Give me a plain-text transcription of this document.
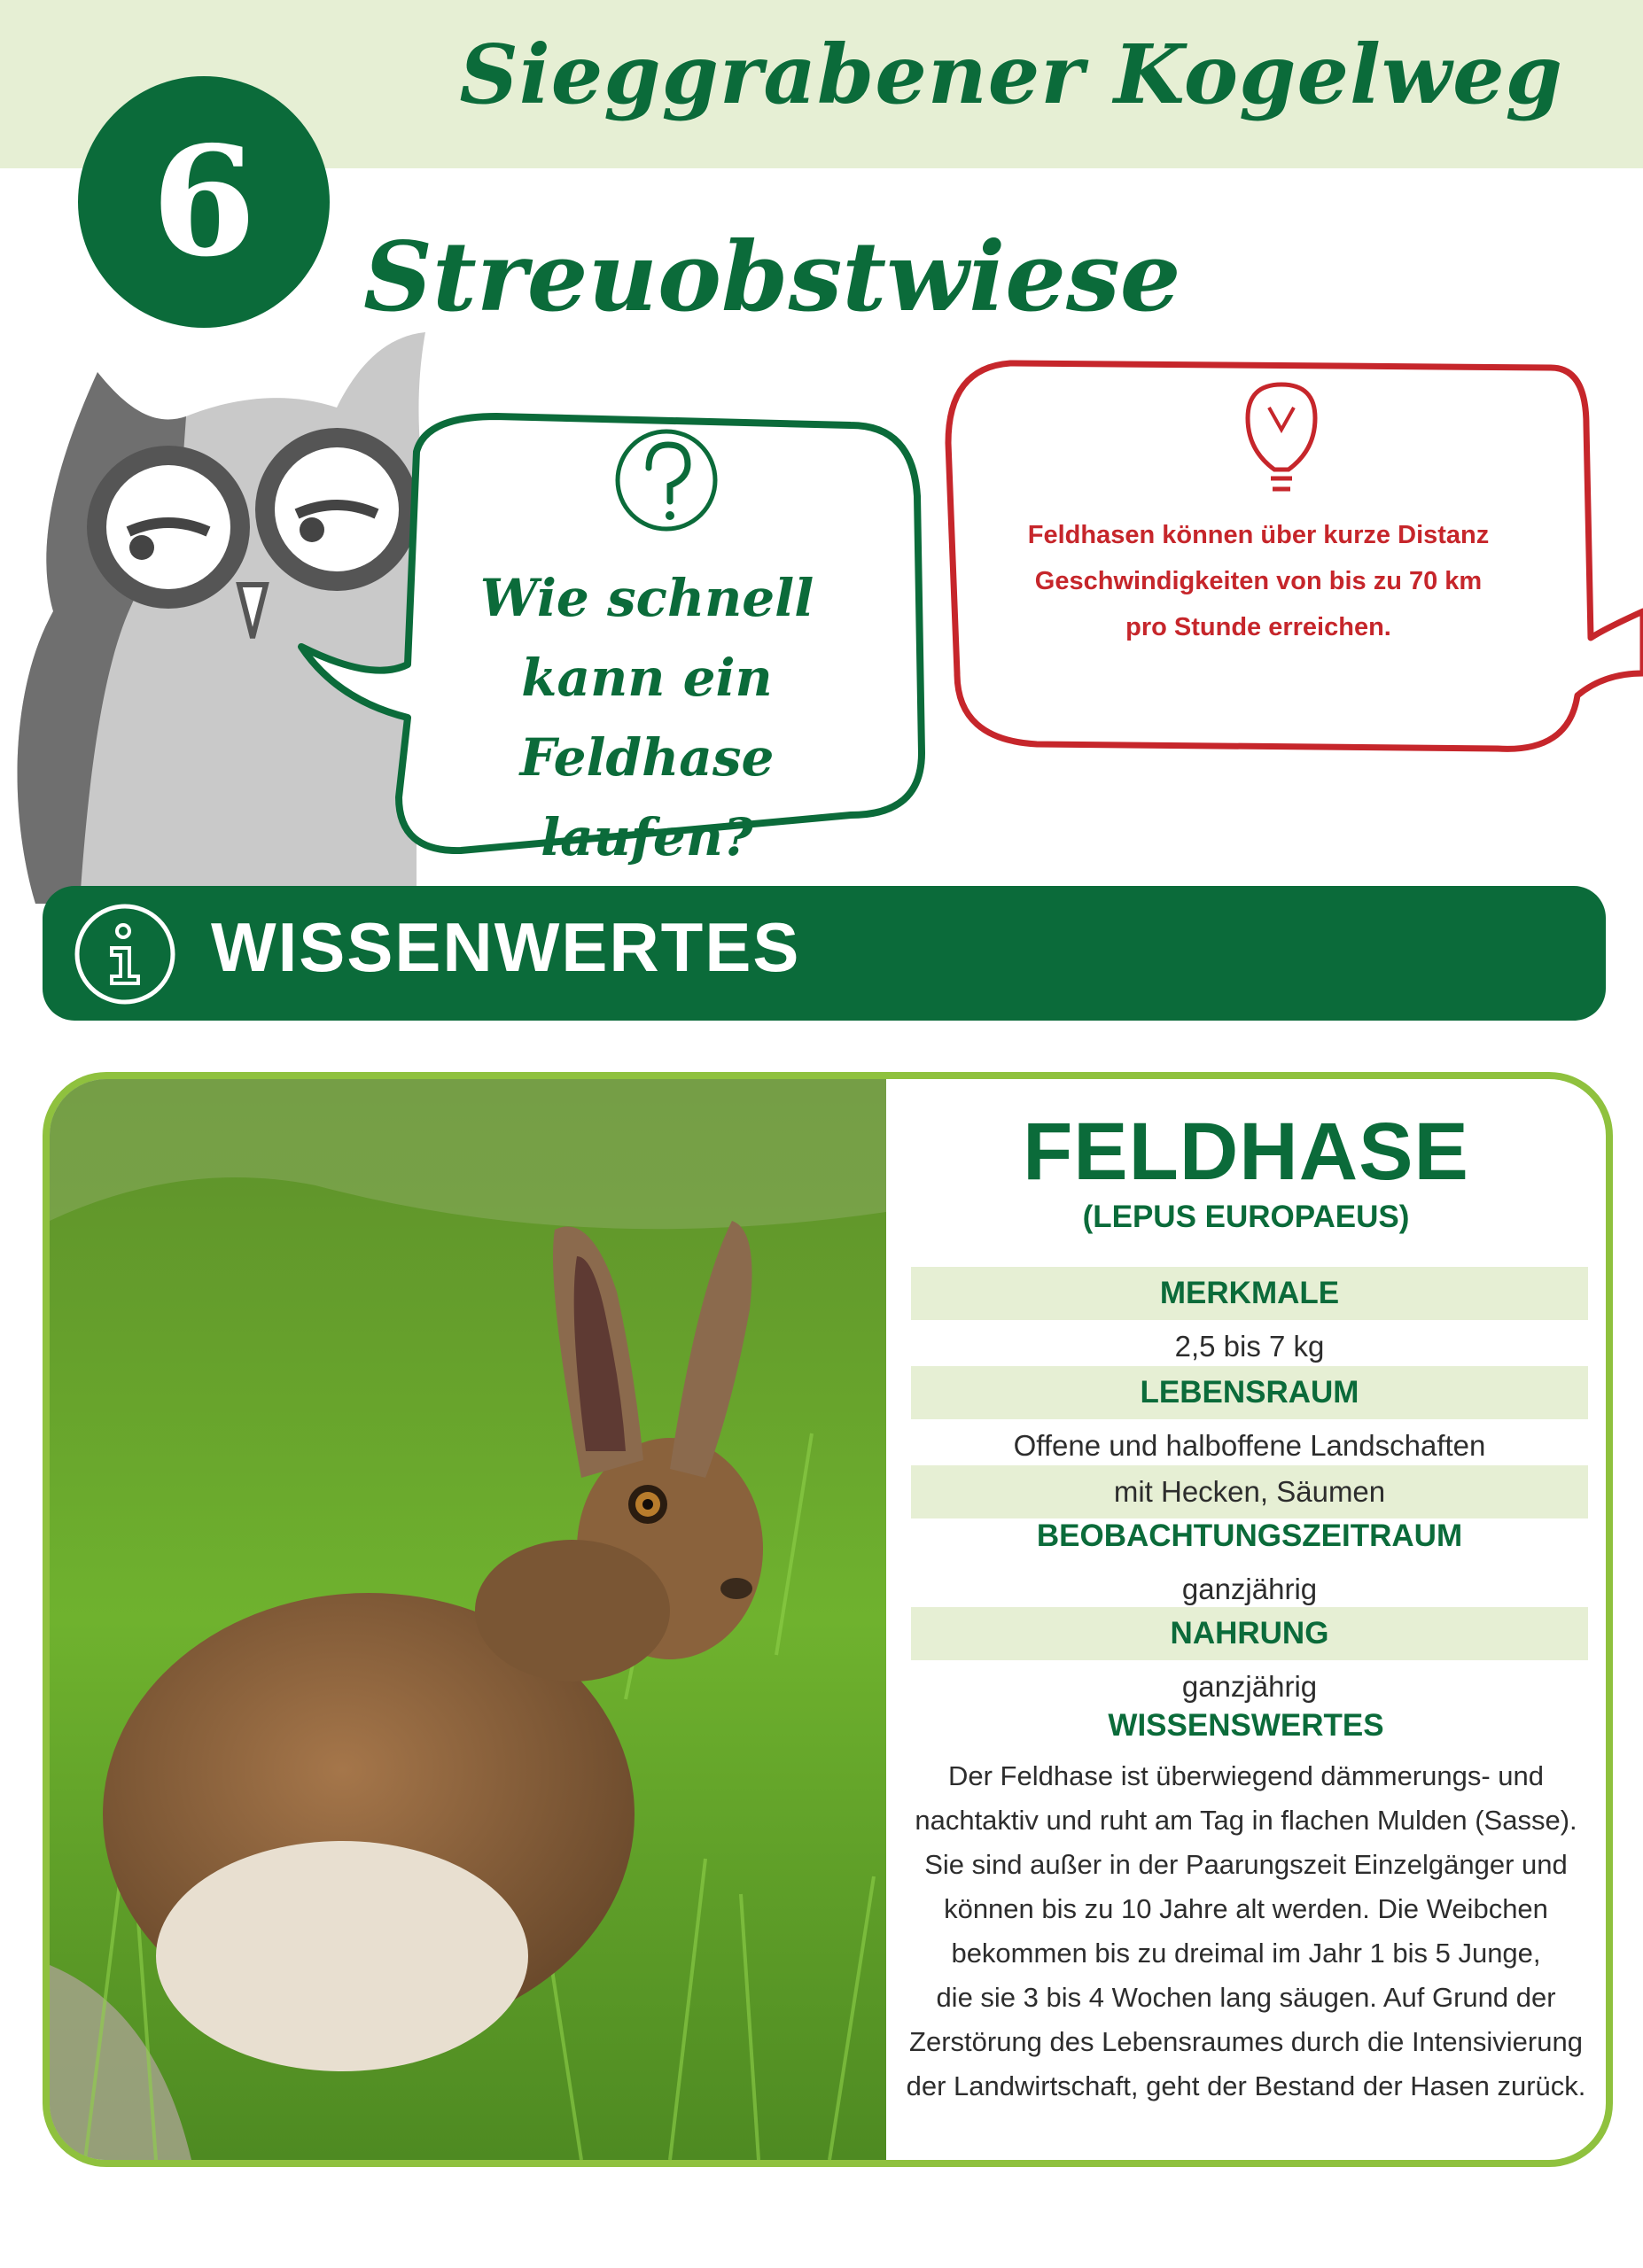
Sieggrabener Kogelweg
6	Streuobstwiese
Wie schnell
kann ein
Feldhase laufen?
Feldhasen können über kurze Distanz
Geschwindigkeiten von bis zu 70 km
pro Stunde erreichen.
WISSENWERTES
FELDHASE
(LEPUS EUROPAEUS)
MERKMALE
2,5 bis 7 kg
LEBENSRAUM
Offene und halboffene Landschaften
mit Hecken, Säumen
BEOBACHTUNGSZEITRAUM
ganzjährig
NAHRUNG
ganzjährig
WISSENSWERTES
Der Feldhase ist überwiegend dämmerungs- und
nachtaktiv und ruht am Tag in flachen Mulden (Sasse).
Sie sind außer in der Paarungszeit Einzelgänger und
können bis zu 10 Jahre alt werden. Die Weibchen
bekommen bis zu dreimal im Jahr 1 bis 5 Junge,
die sie 3 bis 4 Wochen lang säugen. Auf Grund der
Zerstörung des Lebensraumes durch die Intensivierung
der Landwirtschaft, geht der Bestand der Hasen zurück.
